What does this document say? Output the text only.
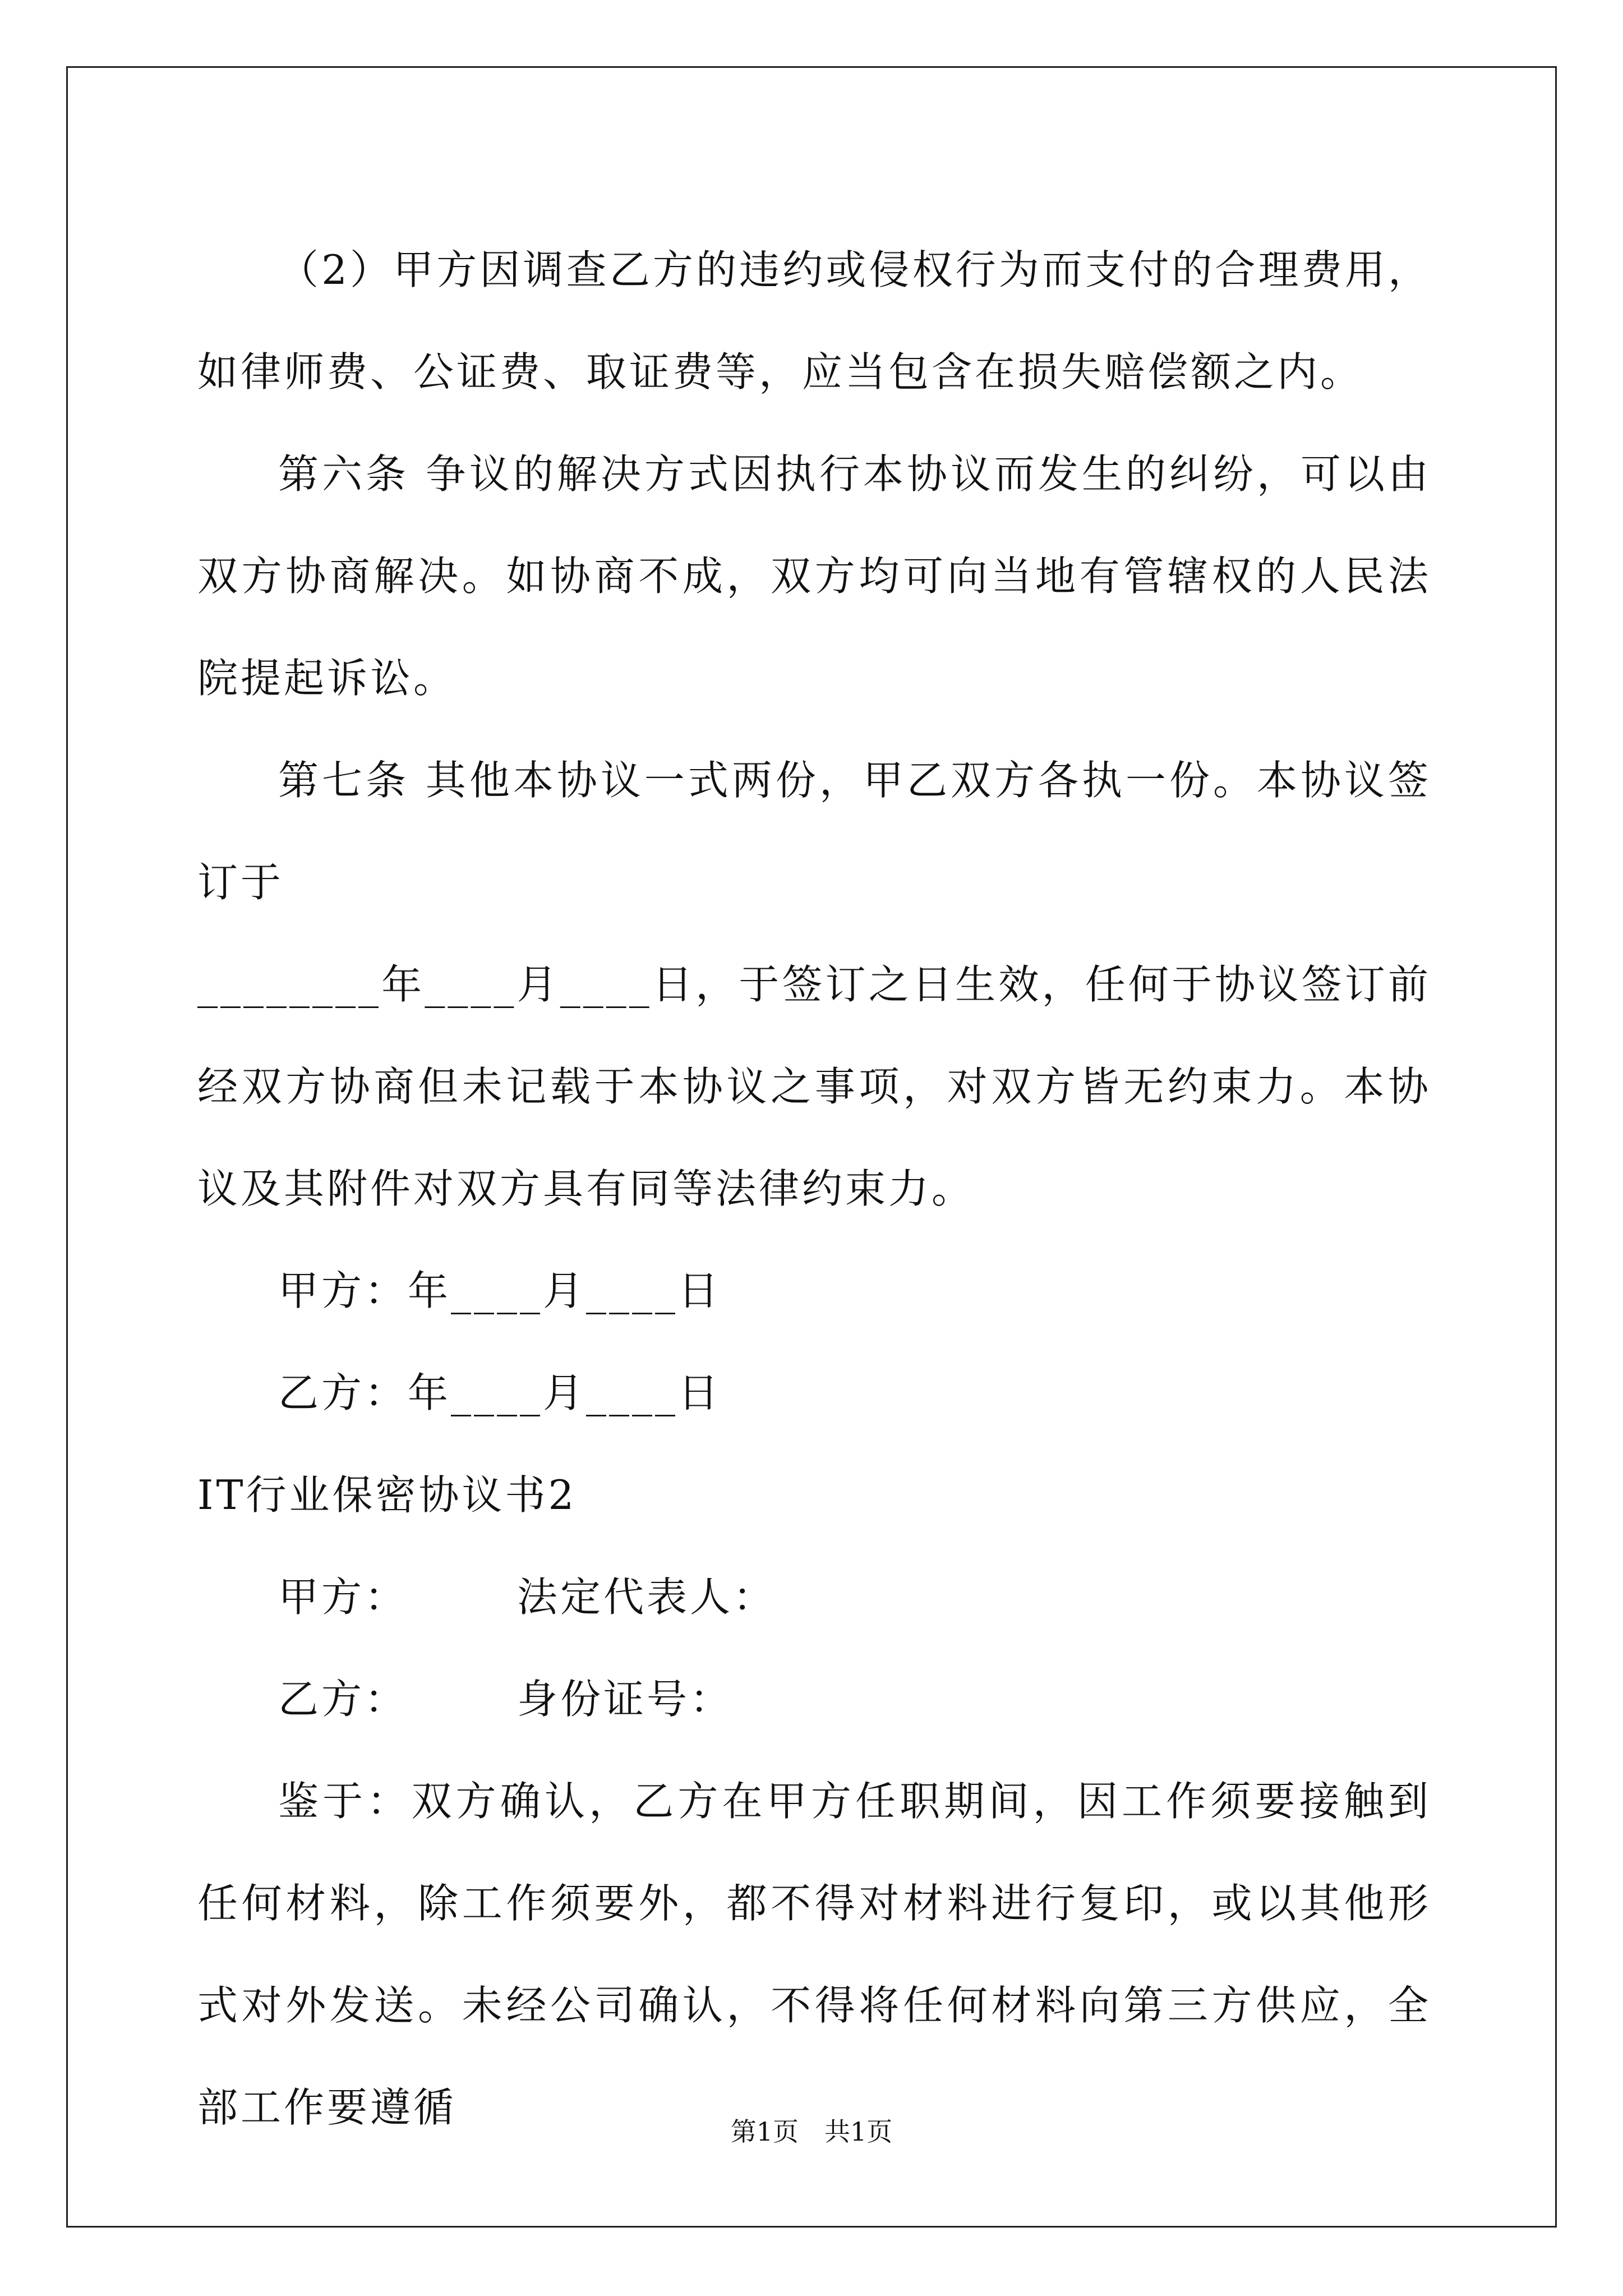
（2）甲方因调查乙方的违约或侵权行为而支付的合理费用，如律师费、公证费、取证费等，应当包含在损失赔偿额之内。

第六条 争议的解决方式因执行本协议而发生的纠纷，可以由双方协商解决。如协商不成，双方均可向当地有管辖权的人民法院提起诉讼。

第七条 其他本协议一式两份，甲乙双方各执一份。本协议签订于

________年____月____日，于签订之日生效，任何于协议签订前经双方协商但未记载于本协议之事项，对双方皆无约束力。本协议及其附件对双方具有同等法律约束力。

甲方：年____月____日

乙方：年____月____日

IT行业保密协议书2

甲方：　　　法定代表人：

乙方：　　　身份证号：

鉴于：双方确认，乙方在甲方任职期间，因工作须要接触到任何材料，除工作须要外，都不得对材料进行复印，或以其他形式对外发送。未经公司确认，不得将任何材料向第三方供应，全部工作要遵循

第1页　共1页
